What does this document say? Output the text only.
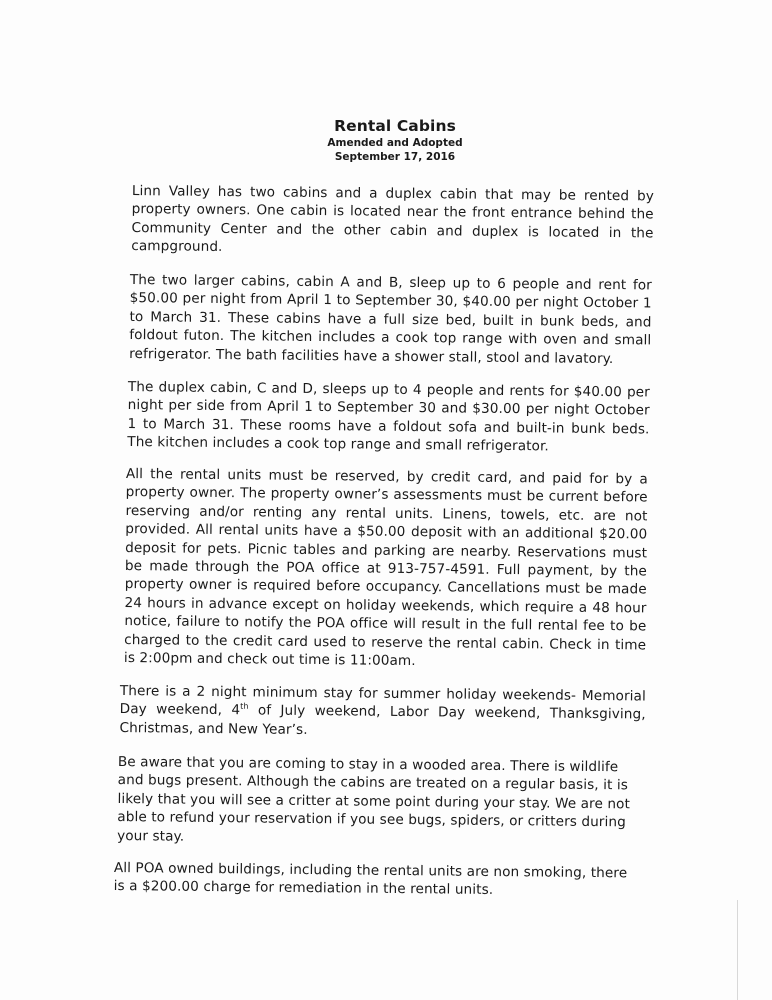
Rental Cabins
Amended and Adopted
September 17, 2016

Linn Valley has two cabins and a duplex cabin that may be rented by property owners. One cabin is located near the front entrance behind the Community Center and the other cabin and duplex is located in the campground.

The two larger cabins, cabin A and B, sleep up to 6 people and rent for $50.00 per night from April 1 to September 30, $40.00 per night October 1 to March 31. These cabins have a full size bed, built in bunk beds, and foldout futon. The kitchen includes a cook top range with oven and small refrigerator. The bath facilities have a shower stall, stool and lavatory.

The duplex cabin, C and D, sleeps up to 4 people and rents for $40.00 per night per side from April 1 to September 30 and $30.00 per night October 1 to March 31. These rooms have a foldout sofa and built-in bunk beds. The kitchen includes a cook top range and small refrigerator.

All the rental units must be reserved, by credit card, and paid for by a property owner. The property owner’s assessments must be current before reserving and/or renting any rental units. Linens, towels, etc. are not provided. All rental units have a $50.00 deposit with an additional $20.00 deposit for pets. Picnic tables and parking are nearby. Reservations must be made through the POA office at 913-757-4591. Full payment, by the property owner is required before occupancy. Cancellations must be made 24 hours in advance except on holiday weekends, which require a 48 hour notice, failure to notify the POA office will result in the full rental fee to be charged to the credit card used to reserve the rental cabin. Check in time is 2:00pm and check out time is 11:00am.

There is a 2 night minimum stay for summer holiday weekends- Memorial Day weekend, 4th of July weekend, Labor Day weekend, Thanksgiving, Christmas, and New Year’s.

Be aware that you are coming to stay in a wooded area. There is wildlife and bugs present. Although the cabins are treated on a regular basis, it is likely that you will see a critter at some point during your stay. We are not able to refund your reservation if you see bugs, spiders, or critters during your stay.

All POA owned buildings, including the rental units are non smoking, there is a $200.00 charge for remediation in the rental units.
